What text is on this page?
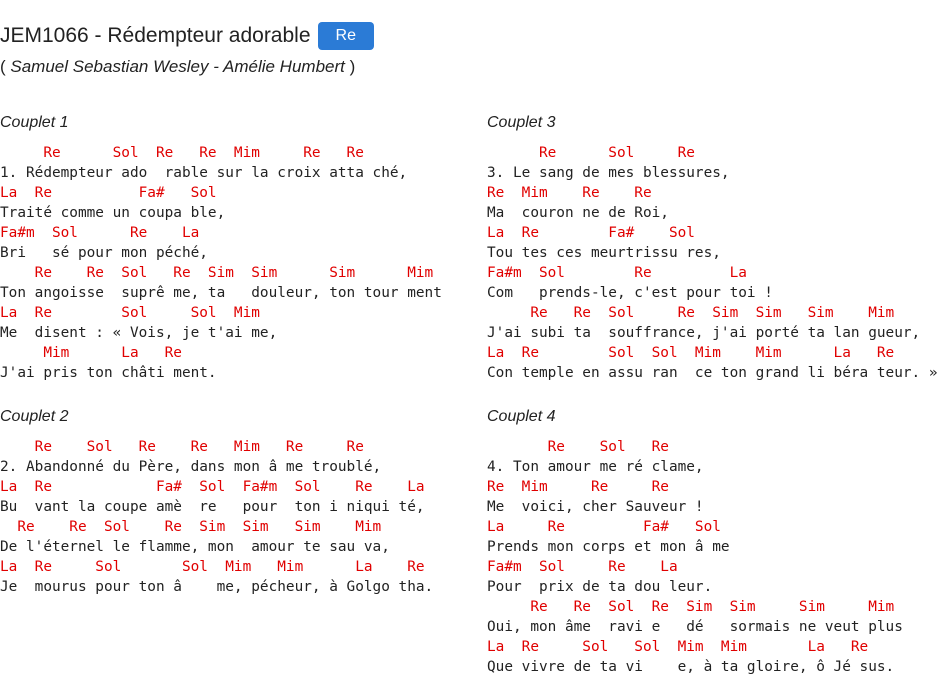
JEM1066 - Rédempteur adorable	Re
( Samuel Sebastian Wesley - Amélie Humbert )
Couplet 1
Re      Sol  Re   Re  Mim     Re   Re
1. Rédempteur ado  rable sur la croix atta ché,
La  Re          Fa#   Sol
Traité comme un coupa ble,
Fa#m  Sol      Re    La
Bri   sé pour mon péché,
Re    Re  Sol   Re  Sim  Sim      Sim      Mim
Ton angoisse  suprê me, ta   douleur, ton tour ment
La  Re        Sol     Sol  Mim
Me  disent : « Vois, je t'ai me,
Mim      La   Re
J'ai pris ton châti ment.
Couplet 2
Re    Sol   Re    Re   Mim   Re     Re
2. Abandonné du Père, dans mon â me troublé,
La  Re            Fa#  Sol  Fa#m  Sol    Re    La
Bu  vant la coupe amè  re   pour  ton i niqui té,
Re    Re  Sol    Re  Sim  Sim   Sim    Mim
De l'éternel le flamme, mon  amour te sau va,
La  Re     Sol       Sol  Mim   Mim      La    Re
Je  mourus pour ton â    me, pécheur, à Golgo tha.
Couplet 3
Re      Sol     Re
3. Le sang de mes blessures,
Re  Mim    Re    Re
Ma  couron ne de Roi,
La  Re        Fa#    Sol
Tou tes ces meurtrissu res,
Fa#m  Sol        Re         La
Com   prends-le, c'est pour toi !
Re   Re  Sol     Re  Sim  Sim   Sim    Mim
J'ai subi ta  souffrance, j'ai porté ta lan gueur,
La  Re        Sol  Sol  Mim    Mim      La   Re
Con temple en assu ran  ce ton grand li béra teur. »
Couplet 4
Re    Sol   Re
4. Ton amour me ré clame,
Re  Mim     Re     Re
Me  voici, cher Sauveur !
La     Re         Fa#   Sol
Prends mon corps et mon â me
Fa#m  Sol     Re    La
Pour  prix de ta dou leur.
Re   Re  Sol  Re  Sim  Sim     Sim     Mim
Oui, mon âme  ravi e   dé   sormais ne veut plus
La  Re     Sol   Sol  Mim  Mim       La   Re
Que vivre de ta vi    e, à ta gloire, ô Jé sus.
